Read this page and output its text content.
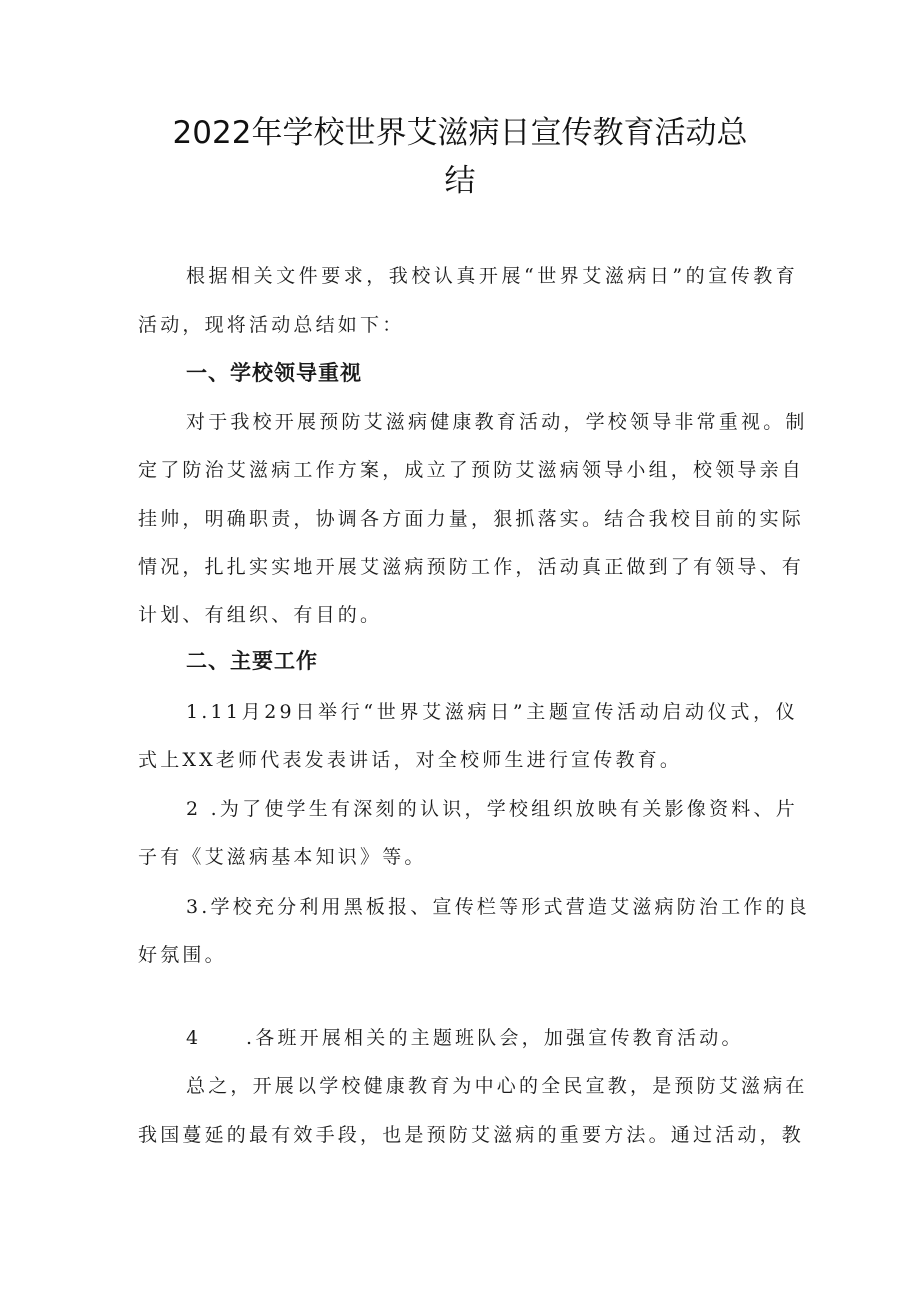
2022年学校世界艾滋病日宣传教育活动总
结
根据相关文件要求，我校认真开展“世界艾滋病日”的宣传教育
活动，现将活动总结如下：
一、学校领导重视
对于我校开展预防艾滋病健康教育活动，学校领导非常重视。制
定了防治艾滋病工作方案，成立了预防艾滋病领导小组，校领导亲自
挂帅，明确职责，协调各方面力量，狠抓落实。结合我校目前的实际
情况，扎扎实实地开展艾滋病预防工作，活动真正做到了有领导、有
计划、有组织、有目的。
二、主要工作
1.11月29日举行“世界艾滋病日”主题宣传活动启动仪式，仪
式上XX老师代表发表讲话，对全校师生进行宣传教育。
2 .为了使学生有深刻的认识，学校组织放映有关影像资料、片
子有《艾滋病基本知识》等。
3.学校充分利用黑板报、宣传栏等形式营造艾滋病防治工作的良
好氛围。
4	.各班开展相关的主题班队会，加强宣传教育活动。
总之，开展以学校健康教育为中心的全民宣教，是预防艾滋病在
我国蔓延的最有效手段，也是预防艾滋病的重要方法。通过活动，教
